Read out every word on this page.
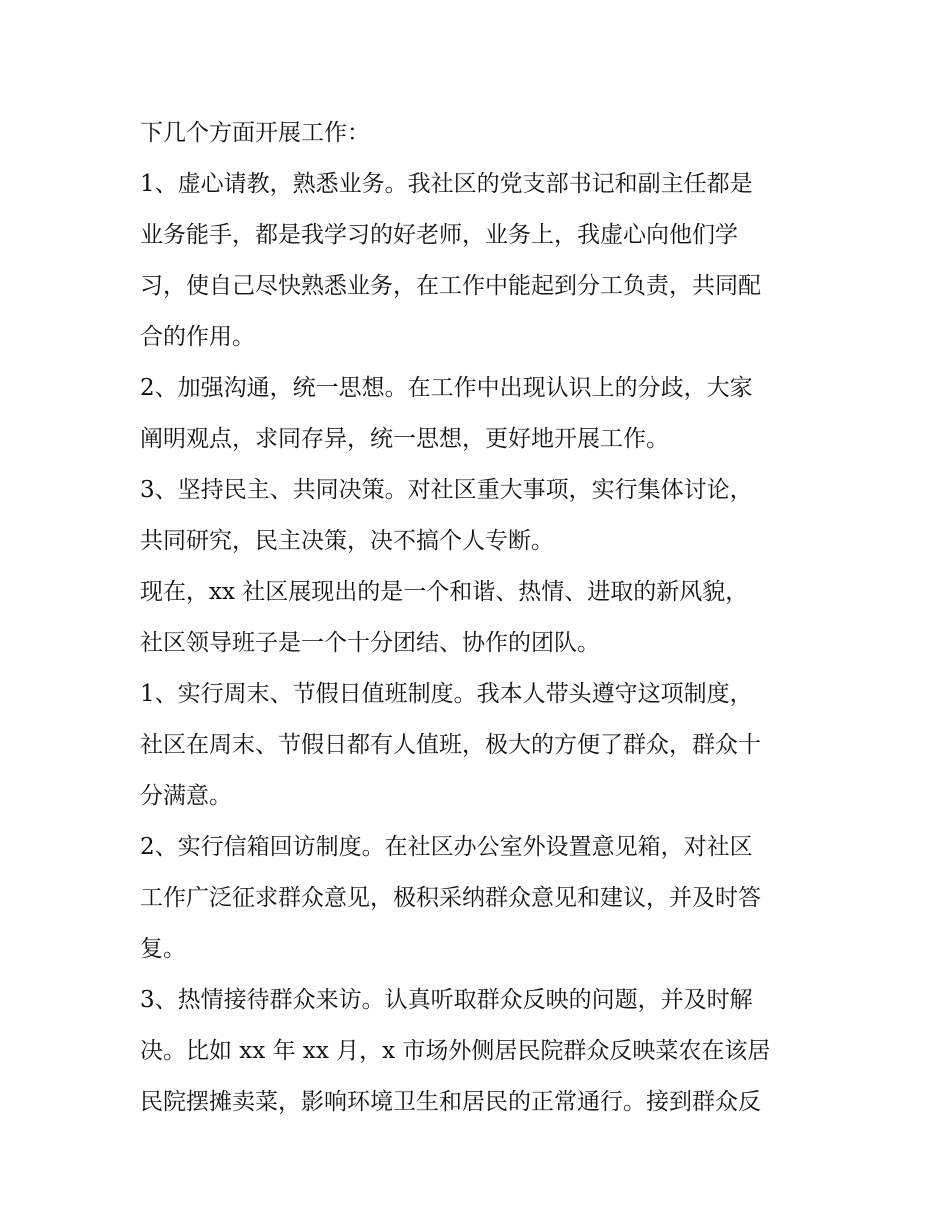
下几个方面开展工作：
1、虚心请教，熟悉业务。我社区的党支部书记和副主任都是
业务能手，都是我学习的好老师，业务上，我虚心向他们学
习，使自己尽快熟悉业务，在工作中能起到分工负责，共同配
合的作用。
2、加强沟通，统一思想。在工作中出现认识上的分歧，大家
阐明观点，求同存异，统一思想，更好地开展工作。
3、坚持民主、共同决策。对社区重大事项，实行集体讨论，
共同研究，民主决策，决不搞个人专断。
现在，xx 社区展现出的是一个和谐、热情、进取的新风貌，
社区领导班子是一个十分团结、协作的团队。
1、实行周末、节假日值班制度。我本人带头遵守这项制度，
社区在周末、节假日都有人值班，极大的方便了群众，群众十
分满意。
2、实行信箱回访制度。在社区办公室外设置意见箱，对社区
工作广泛征求群众意见，极积采纳群众意见和建议，并及时答
复。
3、热情接待群众来访。认真听取群众反映的问题，并及时解
决。比如 xx 年 xx 月，x 市场外侧居民院群众反映菜农在该居
民院摆摊卖菜，影响环境卫生和居民的正常通行。接到群众反
